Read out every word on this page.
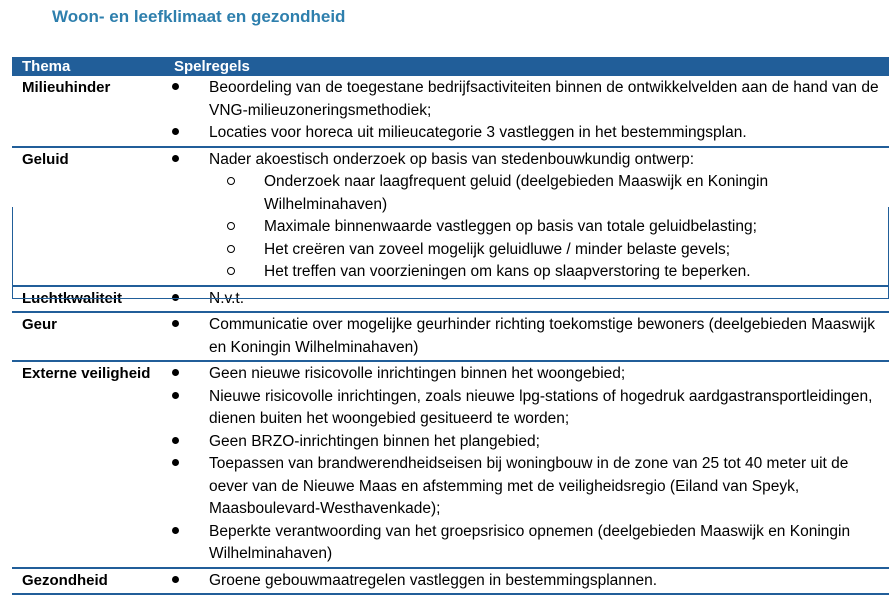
Woon- en leefklimaat en gezondheid
Thema	Spelregels
Milieuhinder	Beoordeling van de toegestane bedrijfsactiviteiten binnen de ontwikkelvelden aan de hand van de VNG-milieuzoneringsmethodiek;
Locaties voor horeca uit milieucategorie 3 vastleggen in het bestemmingsplan.
Geluid	Nader akoestisch onderzoek op basis van stedenbouwkundig ontwerp:
Onderzoek naar laagfrequent geluid (deelgebieden Maaswijk en Koningin Wilhelminahaven)
Maximale binnenwaarde vastleggen op basis van totale geluidbelasting;
Het creëren van zoveel mogelijk geluidluwe / minder belaste gevels;
Het treffen van voorzieningen om kans op slaapverstoring te beperken.
Luchtkwaliteit	N.v.t.
Geur	Communicatie over mogelijke geurhinder richting toekomstige bewoners (deelgebieden Maaswijk en Koningin Wilhelminahaven)
Externe veiligheid	Geen nieuwe risicovolle inrichtingen binnen het woongebied;
Nieuwe risicovolle inrichtingen, zoals nieuwe lpg-stations of hogedruk aardgastransportleidingen, dienen buiten het woongebied gesitueerd te worden;
Geen BRZO-inrichtingen binnen het plangebied;
Toepassen van brandwerendheidseisen bij woningbouw in de zone van 25 tot 40 meter uit de oever van de Nieuwe Maas en afstemming met de veiligheidsregio (Eiland van Speyk, Maasboulevard-Westhavenkade);
Beperkte verantwoording van het groepsrisico opnemen (deelgebieden Maaswijk en Koningin Wilhelminahaven)
Gezondheid	Groene gebouwmaatregelen vastleggen in bestemmingsplannen.
